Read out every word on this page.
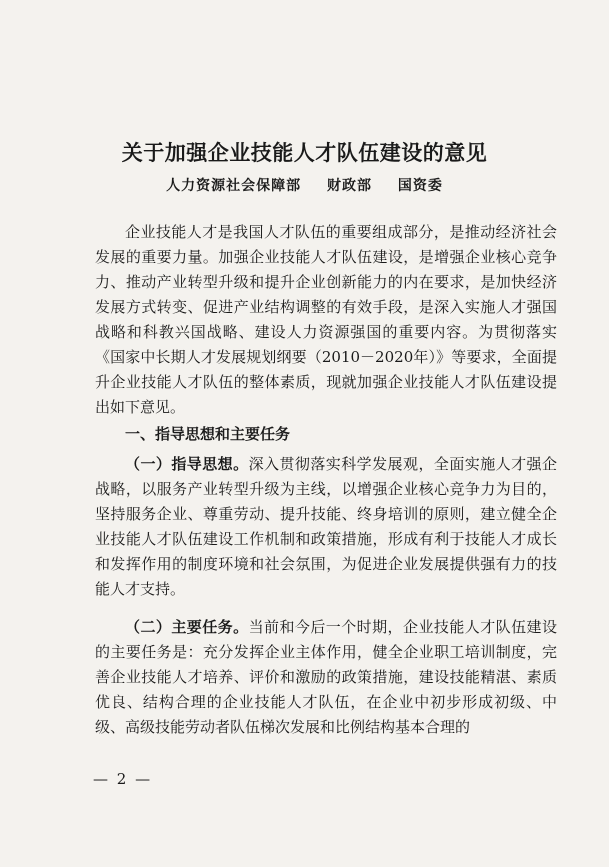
关于加强企业技能人才队伍建设的意见
人力资源社会保障部 财政部 国资委

企业技能人才是我国人才队伍的重要组成部分，是推动经济社会发展的重要力量。加强企业技能人才队伍建设，是增强企业核心竞争力、推动产业转型升级和提升企业创新能力的内在要求，是加快经济发展方式转变、促进产业结构调整的有效手段，是深入实施人才强国战略和科教兴国战略、建设人力资源强国的重要内容。为贯彻落实《国家中长期人才发展规划纲要（2010－2020年）》等要求，全面提升企业技能人才队伍的整体素质，现就加强企业技能人才队伍建设提出如下意见。

一、指导思想和主要任务

（一）指导思想。深入贯彻落实科学发展观，全面实施人才强企战略，以服务产业转型升级为主线，以增强企业核心竞争力为目的，坚持服务企业、尊重劳动、提升技能、终身培训的原则，建立健全企业技能人才队伍建设工作机制和政策措施，形成有利于技能人才成长和发挥作用的制度环境和社会氛围，为促进企业发展提供强有力的技能人才支持。

（二）主要任务。当前和今后一个时期，企业技能人才队伍建设的主要任务是：充分发挥企业主体作用，健全企业职工培训制度，完善企业技能人才培养、评价和激励的政策措施，建设技能精湛、素质优良、结构合理的企业技能人才队伍，在企业中初步形成初级、中级、高级技能劳动者队伍梯次发展和比例结构基本合理的

— 2 —
